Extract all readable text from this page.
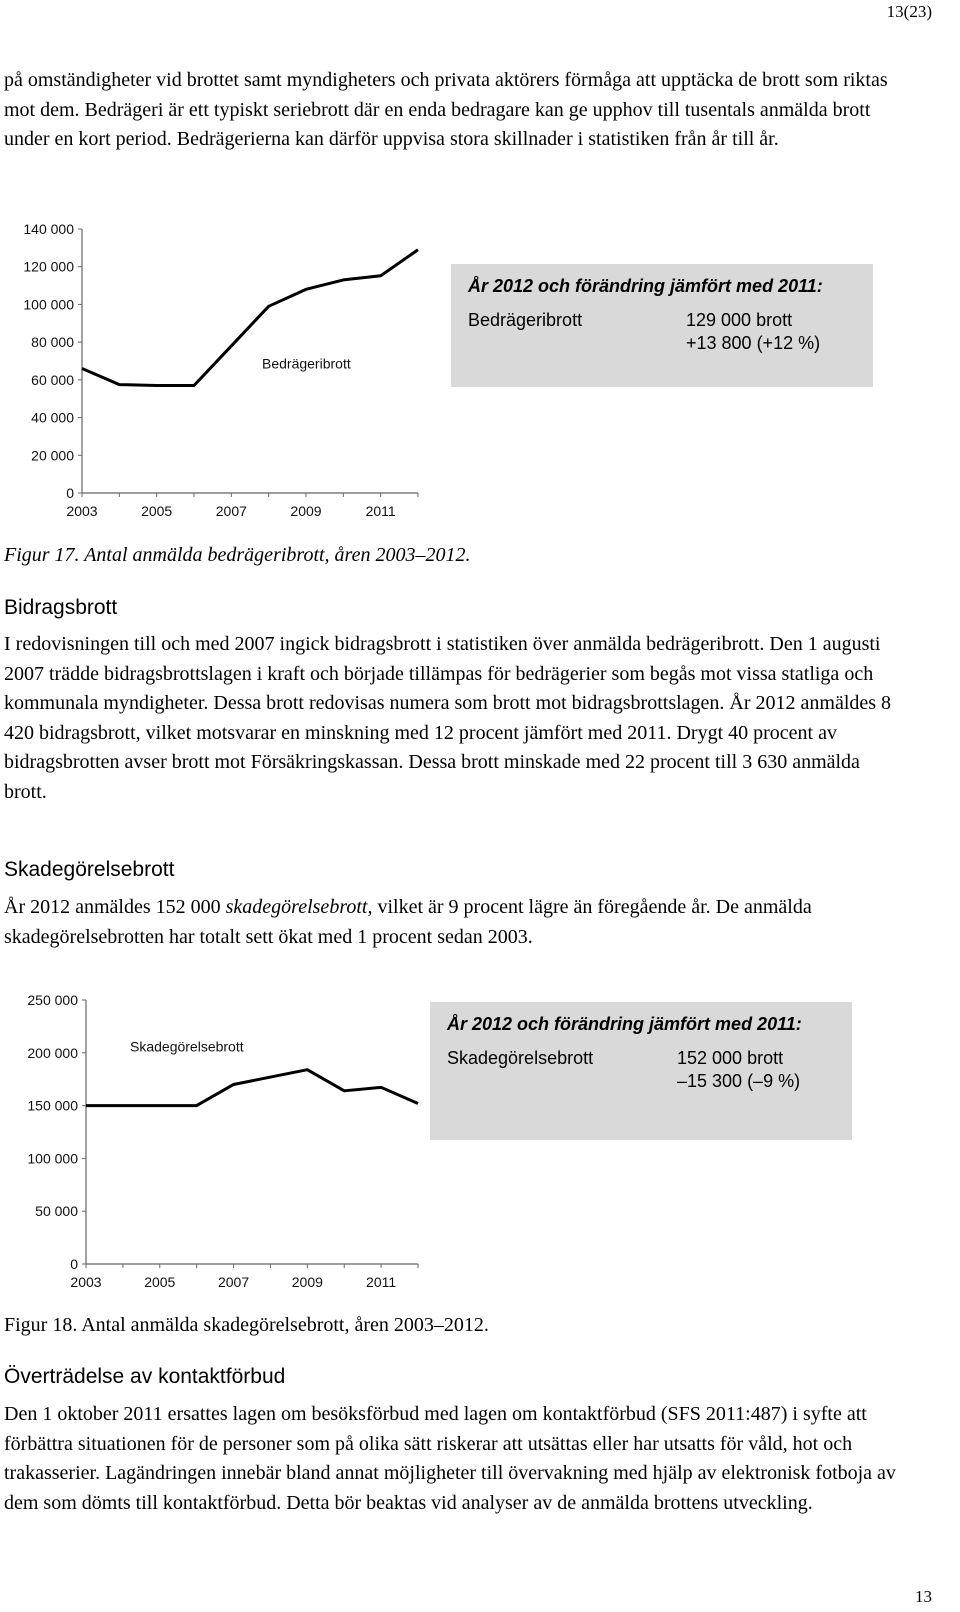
13(23)

på omständigheter vid brottet samt myndigheters och privata aktörers förmåga att upptäcka de brott som riktas mot dem. Bedrägeri är ett typiskt seriebrott där en enda bedragare kan ge upphov till tusentals anmälda brott under en kort period. Bedrägerierna kan därför uppvisa stora skillnader i statistiken från år till år.

0
20 000
40 000
60 000
80 000
100 000
120 000
140 000
2003	2005	2007	2009	2011
Bedrägeribrott
År 2012 och förändring jämfört med 2011:
Bedrägeribrott	129 000 brott
+13 800 (+12 %)

Figur 17. Antal anmälda bedrägeribrott, åren 2003–2012.

Bidragsbrott

I redovisningen till och med 2007 ingick bidragsbrott i statistiken över anmälda bedrägeribrott. Den 1 augusti 2007 trädde bidragsbrottslagen i kraft och började tillämpas för bedrägerier som begås mot vissa statliga och kommunala myndigheter. Dessa brott redovisas numera som brott mot bidragsbrottslagen. År 2012 anmäldes 8 420 bidragsbrott, vilket motsvarar en minskning med 12 procent jämfört med 2011. Drygt 40 procent av bidragsbrotten avser brott mot Försäkringskassan. Dessa brott minskade med 22 procent till 3 630 anmälda brott.

Skadegörelsebrott

År 2012 anmäldes 152 000 skadegörelsebrott, vilket är 9 procent lägre än föregående år. De anmälda skadegörelsebrotten har totalt sett ökat med 1 procent sedan 2003.

0
50 000
100 000
150 000
200 000
250 000
2003	2005	2007	2009	2011
Skadegörelsebrott
År 2012 och förändring jämfört med 2011:
Skadegörelsebrott	152 000 brott
–15 300 (–9 %)

Figur 18. Antal anmälda skadegörelsebrott, åren 2003–2012.

Överträdelse av kontaktförbud

Den 1 oktober 2011 ersattes lagen om besöksförbud med lagen om kontaktförbud (SFS 2011:487) i syfte att förbättra situationen för de personer som på olika sätt riskerar att utsättas eller har utsatts för våld, hot och trakasserier. Lagändringen innebär bland annat möjligheter till övervakning med hjälp av elektronisk fotboja av dem som dömts till kontaktförbud. Detta bör beaktas vid analyser av de anmälda brottens utveckling.

13
